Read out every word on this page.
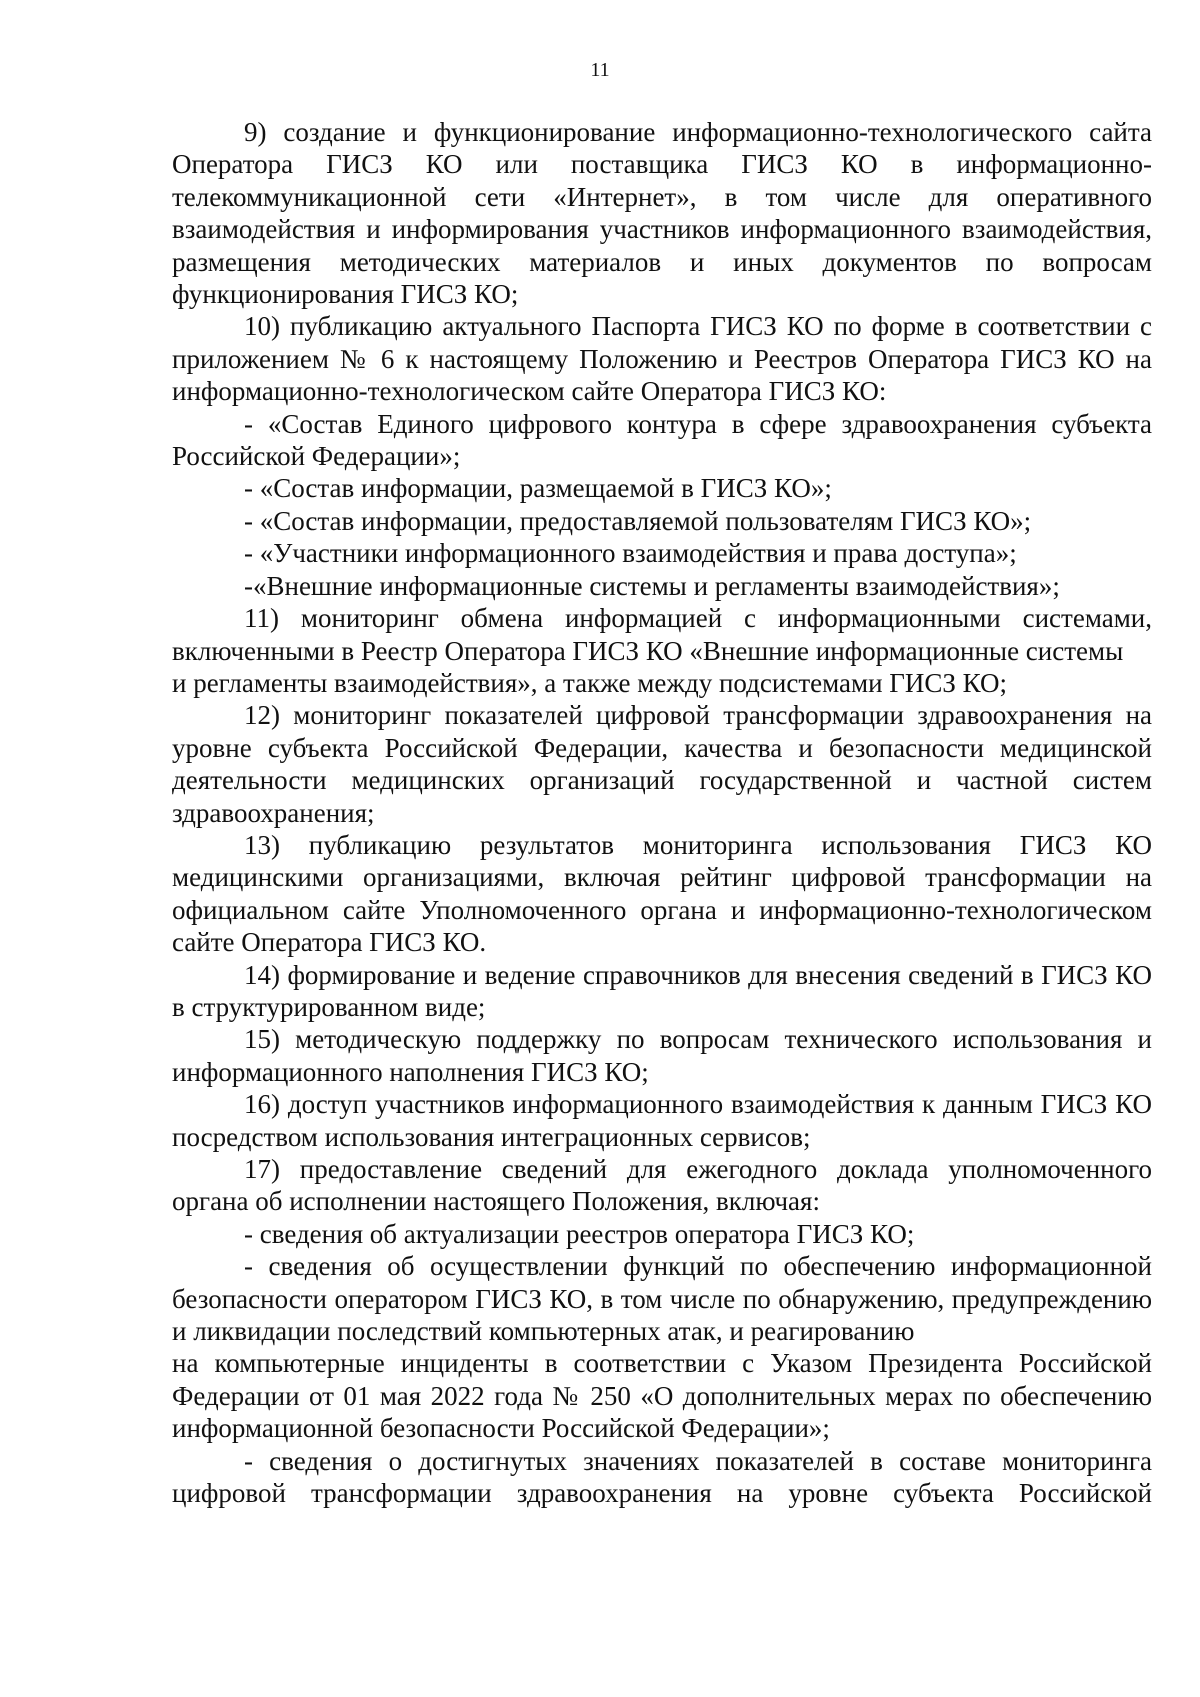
11

9) создание и функционирование информационно-технологического сайта Оператора ГИСЗ КО или поставщика ГИСЗ КО в информационно-телекоммуникационной сети «Интернет», в том числе для оперативного взаимодействия и информирования участников информационного взаимодействия, размещения методических материалов и иных документов по вопросам функционирования ГИСЗ КО;

10) публикацию актуального Паспорта ГИСЗ КО по форме в соответствии с приложением № 6 к настоящему Положению и Реестров Оператора ГИСЗ КО на информационно-технологическом сайте Оператора ГИСЗ КО:

- «Состав Единого цифрового контура в сфере здравоохранения субъекта Российской Федерации»;

- «Состав информации, размещаемой в ГИСЗ КО»;

- «Состав информации, предоставляемой пользователям ГИСЗ КО»;

- «Участники информационного взаимодействия и права доступа»;

-«Внешние информационные системы и регламенты взаимодействия»;

11) мониторинг обмена информацией с информационными системами, включенными в Реестр Оператора ГИСЗ КО «Внешние информационные системы

и регламенты взаимодействия», а также между подсистемами ГИСЗ КО;

12) мониторинг показателей цифровой трансформации здравоохранения на уровне субъекта Российской Федерации, качества и безопасности медицинской деятельности медицинских организаций государственной и частной систем здравоохранения;

13) публикацию результатов мониторинга использования ГИСЗ КО медицинскими организациями, включая рейтинг цифровой трансформации на официальном сайте Уполномоченного органа и информационно-технологическом сайте Оператора ГИСЗ КО.

14) формирование и ведение справочников для внесения сведений в ГИСЗ КО в структурированном виде;

15) методическую поддержку по вопросам технического использования и информационного наполнения ГИСЗ КО;

16) доступ участников информационного взаимодействия к данным ГИСЗ КО посредством использования интеграционных сервисов;

17) предоставление сведений для ежегодного доклада уполномоченного органа об исполнении настоящего Положения, включая:

- сведения об актуализации реестров оператора ГИСЗ КО;

- сведения об осуществлении функций по обеспечению информационной безопасности оператором ГИСЗ КО, в том числе по обнаружению, предупреждению и ликвидации последствий компьютерных атак, и реагированию

на компьютерные инциденты в соответствии с Указом Президента Российской Федерации от 01 мая 2022 года № 250 «О дополнительных мерах по обеспечению информационной безопасности Российской Федерации»;

- сведения о достигнутых значениях показателей в составе мониторинга цифровой трансформации здравоохранения на уровне субъекта Российской
